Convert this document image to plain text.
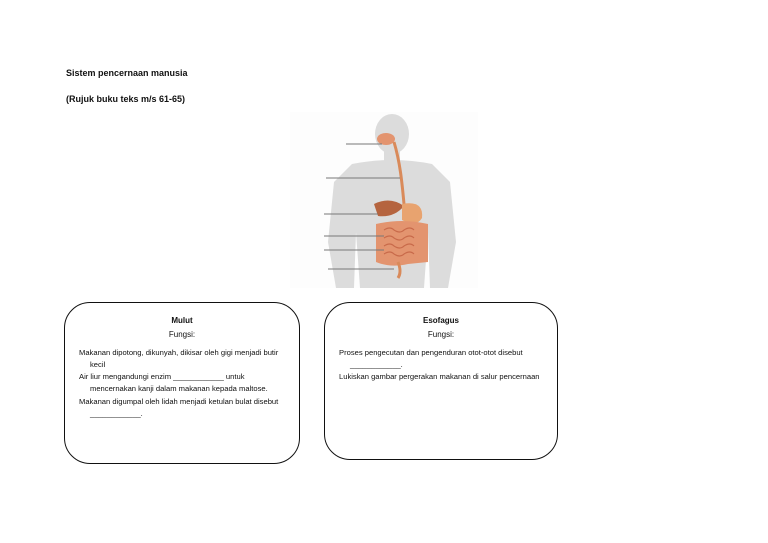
Sistem pencernaan manusia
(Rujuk buku teks m/s 61-65)
Mulut
Fungsi:
Makanan dipotong, dikunyah, dikisar oleh gigi menjadi butir kecil
Air liur mengandungi enzim ____________ untuk mencernakan kanji dalam makanan kepada maltose.
Makanan digumpal oleh lidah menjadi ketulan bulat disebut ____________.
Esofagus
Fungsi:
Proses pengecutan dan pengenduran otot-otot disebut ____________.
Lukiskan gambar pergerakan makanan di salur pencernaan
